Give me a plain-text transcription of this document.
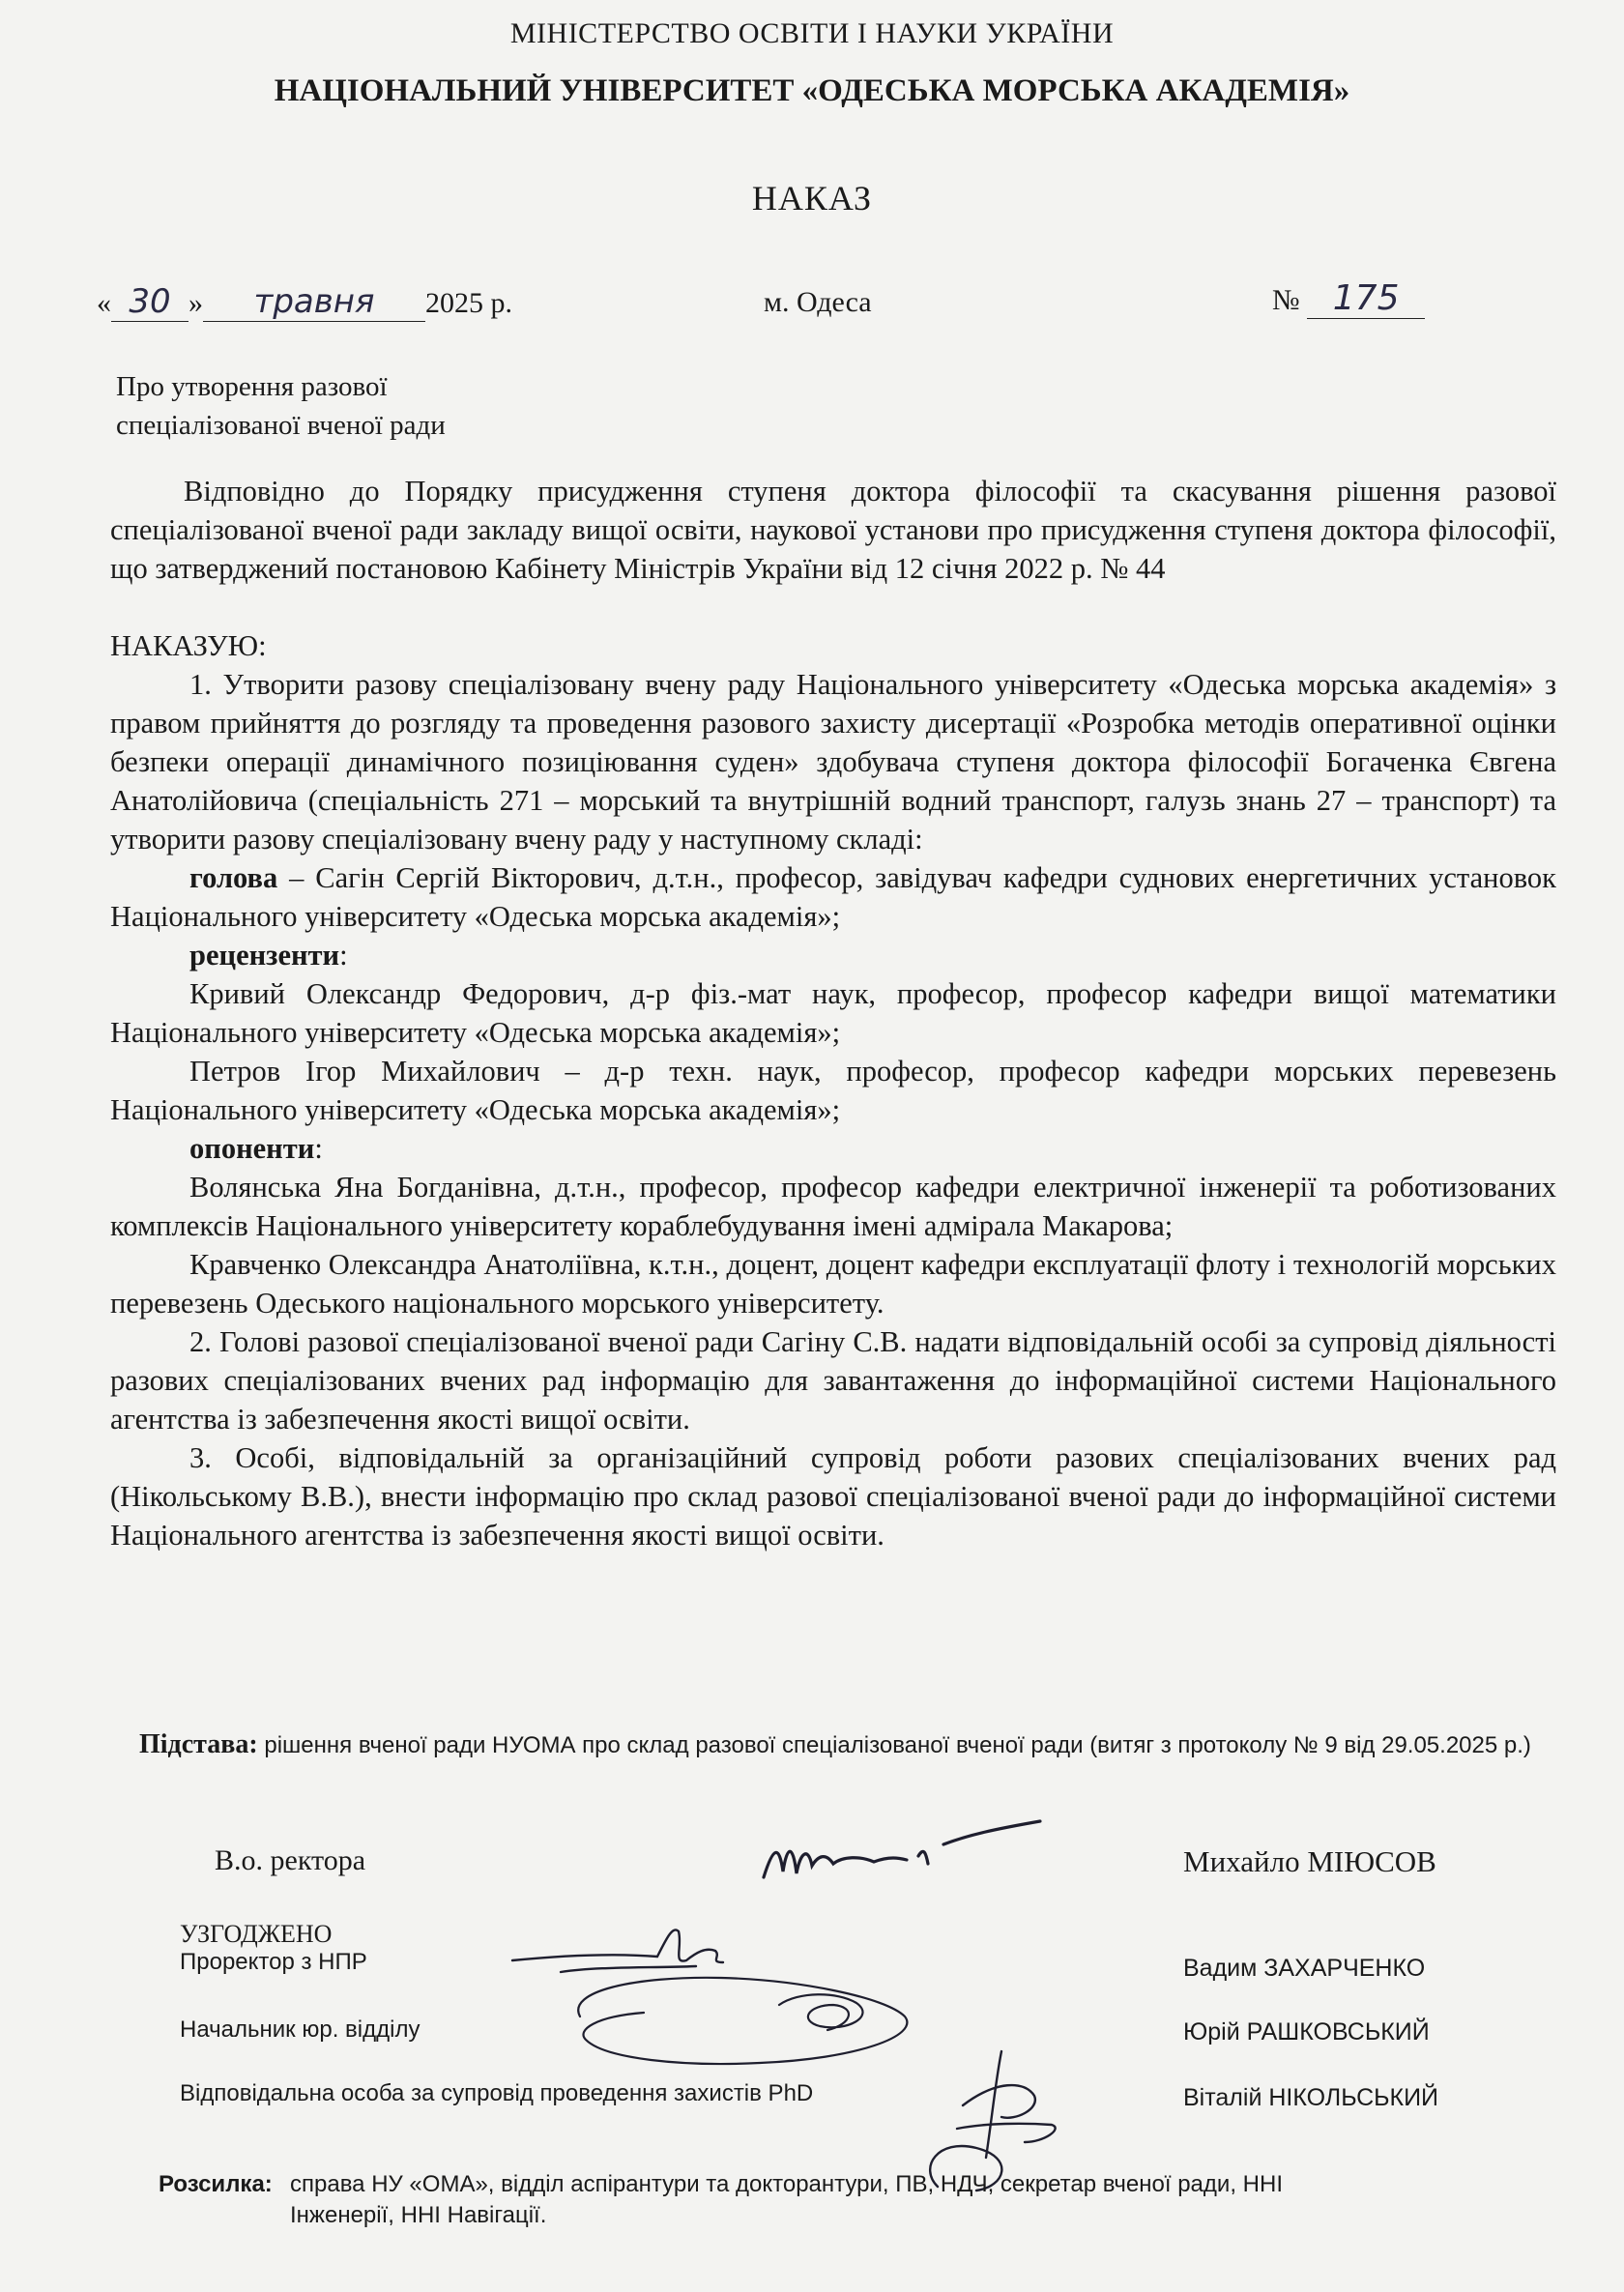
МІНІСТЕРСТВО ОСВІТИ І НАУКИ УКРАЇНИ
НАЦІОНАЛЬНИЙ УНІВЕРСИТЕТ «ОДЕСЬКА МОРСЬКА АКАДЕМІЯ»
НАКАЗ
« 30 » травня 2025 р.	м. Одеса	№ 175
Про утворення разової
спеціалізованої вченої ради

Відповідно до Порядку присудження ступеня доктора філософії та скасування рішення разової спеціалізованої вченої ради закладу вищої освіти, наукової установи про присудження ступеня доктора філософії, що затверджений постановою Кабінету Міністрів України від 12 січня 2022 р. № 44

НАКАЗУЮ:

1. Утворити разову спеціалізовану вчену раду Національного університету «Одеська морська академія» з правом прийняття до розгляду та проведення разового захисту дисертації «Розробка методів оперативної оцінки безпеки операції динамічного позиціювання суден» здобувача ступеня доктора філософії Богаченка Євгена Анатолійовича (спеціальність 271 – морський та внутрішній водний транспорт, галузь знань 27 – транспорт) та утворити разову спеціалізовану вчену раду у наступному складі:

голова – Сагін Сергій Вікторович, д.т.н., професор, завідувач кафедри суднових енергетичних установок Національного університету «Одеська морська академія»;

рецензенти:

Кривий Олександр Федорович, д-р фіз.-мат наук, професор, професор кафедри вищої математики Національного університету «Одеська морська академія»;

Петров Ігор Михайлович – д-р техн. наук, професор, професор кафедри морських перевезень Національного університету «Одеська морська академія»;

опоненти:

Волянська Яна Богданівна, д.т.н., професор, професор кафедри електричної інженерії та роботизованих комплексів Національного університету кораблебудування імені адмірала Макарова;

Кравченко Олександра Анатоліївна, к.т.н., доцент, доцент кафедри експлуатації флоту і технологій морських перевезень Одеського національного морського університету.

2. Голові разової спеціалізованої вченої ради Сагіну С.В. надати відповідальній особі за супровід діяльності разових спеціалізованих вчених рад інформацію для завантаження до інформаційної системи Національного агентства із забезпечення якості вищої освіти.

3. Особі, відповідальній за організаційний супровід роботи разових спеціалізованих вчених рад (Нікольському В.В.), внести інформацію про склад разової спеціалізованої вченої ради до інформаційної системи Національного агентства із забезпечення якості вищої освіти.

Підстава: рішення вченої ради НУОМА про склад разової спеціалізованої вченої ради (витяг з протоколу № 9 від 29.05.2025 р.)
В.о. ректора	Михайло МІЮСОВ
УЗГОДЖЕНО
Проректор з НПР	Вадим ЗАХАРЧЕНКО
Начальник юр. відділу	Юрій РАШКОВСЬКИЙ
Відповідальна особа за супровід проведення захистів PhD	Віталій НІКОЛЬСЬКИЙ
Розсилка: справа НУ «ОМА», відділ аспірантури та докторантури, ПВ, НДЧ, секретар вченої ради, ННІ
Інженерії, ННІ Навігації.
